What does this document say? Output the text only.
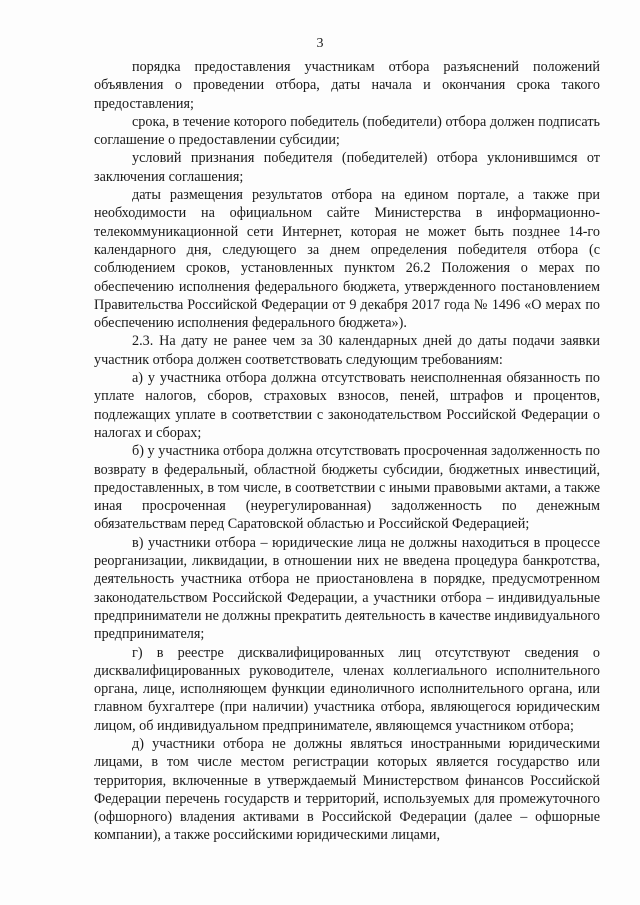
3

порядка предоставления участникам отбора разъяснений положений объявления о проведении отбора, даты начала и окончания срока такого предоставления;

срока, в течение которого победитель (победители) отбора должен подписать соглашение о предоставлении субсидии;

условий признания победителя (победителей) отбора уклонившимся от заключения соглашения;

даты размещения результатов отбора на едином портале, а также при необходимости на официальном сайте Министерства в информационно-телекоммуникационной сети Интернет, которая не может быть позднее 14-го календарного дня, следующего за днем определения победителя отбора (с соблюдением сроков, установленных пунктом 26.2 Положения о мерах по обеспечению исполнения федерального бюджета, утвержденного постановлением Правительства Российской Федерации от 9 декабря 2017 года № 1496 «О мерах по обеспечению исполнения федерального бюджета»).

2.3. На дату не ранее чем за 30 календарных дней до даты подачи заявки участник отбора должен соответствовать следующим требованиям:

а) у участника отбора должна отсутствовать неисполненная обязанность по уплате налогов, сборов, страховых взносов, пеней, штрафов и процентов, подлежащих уплате в соответствии с законодательством Российской Федерации о налогах и сборах;

б) у участника отбора должна отсутствовать просроченная задолженность по возврату в федеральный, областной бюджеты субсидии, бюджетных инвестиций, предоставленных, в том числе, в соответствии с иными правовыми актами, а также иная просроченная (неурегулированная) задолженность по денежным обязательствам перед Саратовской областью и Российской Федерацией;

в) участники отбора – юридические лица не должны находиться в процессе реорганизации, ликвидации, в отношении них не введена процедура банкротства, деятельность участника отбора не приостановлена в порядке, предусмотренном законодательством Российской Федерации, а участники отбора – индивидуальные предприниматели не должны прекратить деятельность в качестве индивидуального предпринимателя;

г) в реестре дисквалифицированных лиц отсутствуют сведения о дисквалифицированных руководителе, членах коллегиального исполнительного органа, лице, исполняющем функции единоличного исполнительного органа, или главном бухгалтере (при наличии) участника отбора, являющегося юридическим лицом, об индивидуальном предпринимателе, являющемся участником отбора;

д) участники отбора не должны являться иностранными юридическими лицами, в том числе местом регистрации которых является государство или территория, включенные в утверждаемый Министерством финансов Российской Федерации перечень государств и территорий, используемых для промежуточного (офшорного) владения активами в Российской Федерации (далее – офшорные компании), а также российскими юридическими лицами,
